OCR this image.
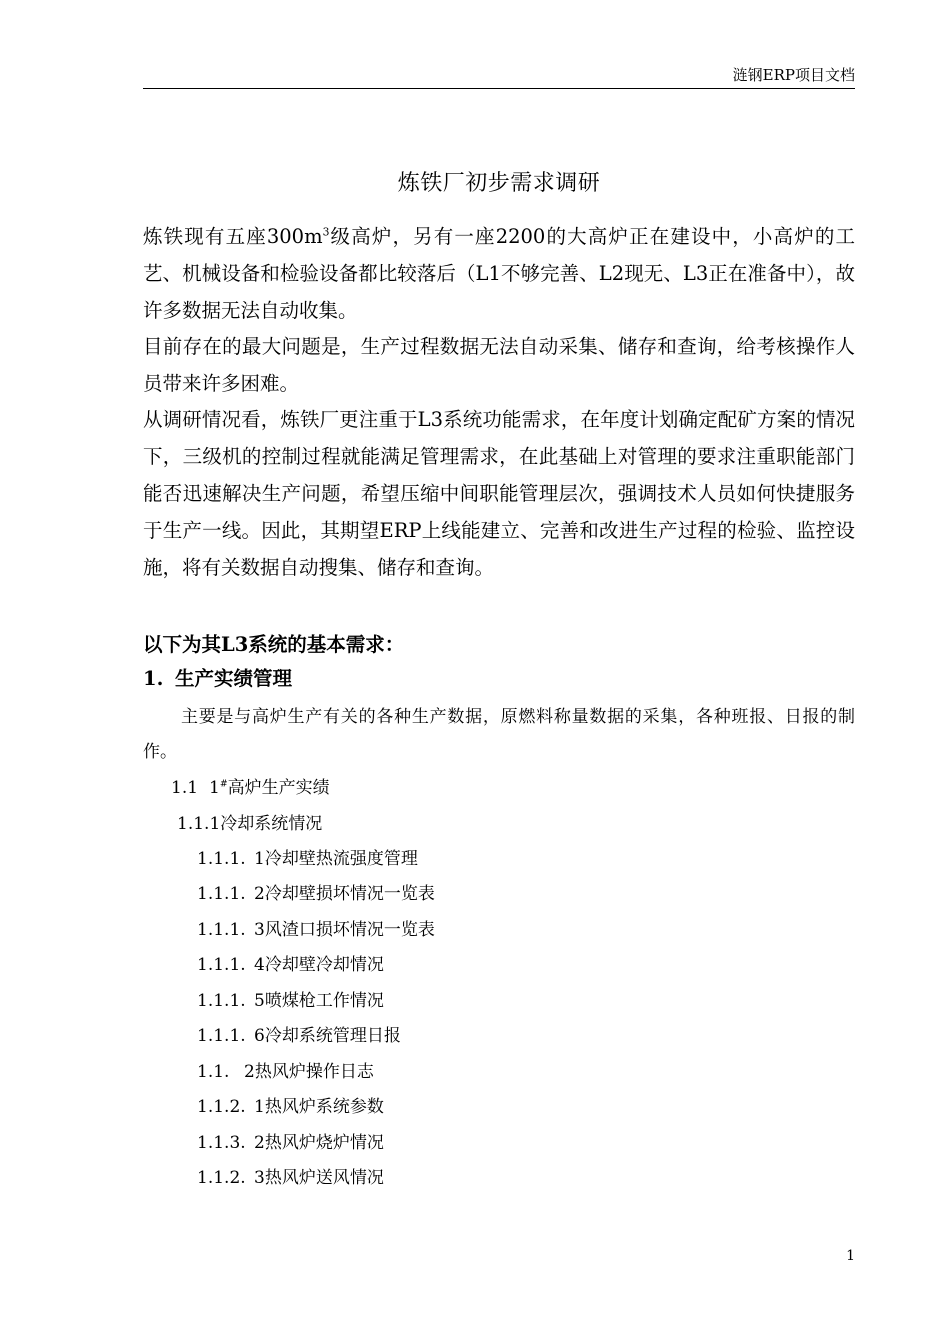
涟钢ERP项目文档
炼铁厂初步需求调研
炼铁现有五座$300m^3$级高炉，另有一座2200的大高炉正在建设中，小高炉的工艺、机械设备和检验设备都比较落后（L1不够完善、L2现无、L3正在准备中），故许多数据无法自动收集。
目前存在的最大问题是，生产过程数据无法自动采集、储存和查询，给考核操作人员带来许多困难。
从调研情况看，炼铁厂更注重于L3系统功能需求，在年度计划确定配矿方案的情况下，三级机的控制过程就能满足管理需求，在此基础上对管理的要求注重职能部门能否迅速解决生产问题，希望压缩中间职能管理层次，强调技术人员如何快捷服务于生产一线。因此，其期望ERP上线能建立、完善和改进生产过程的检验、监控设施，将有关数据自动搜集、储存和查询。
以下为其L3系统的基本需求：
1. 生产实绩管理
主要是与高炉生产有关的各种生产数据，原燃料称量数据的采集，各种班报、日报的制作。
1.1 1#高炉生产实绩
1.1.1冷却系统情况
1.1.1. 1冷却壁热流强度管理
1.1.1. 2冷却壁损坏情况一览表
1.1.1. 3风渣口损坏情况一览表
1.1.1. 4冷却壁冷却情况
1.1.1. 5喷煤枪工作情况
1.1.1. 6冷却系统管理日报
1.1. 2热风炉操作日志
1.1.2. 1热风炉系统参数
1.1.3. 2热风炉烧炉情况
1.1.2. 3热风炉送风情况
1
